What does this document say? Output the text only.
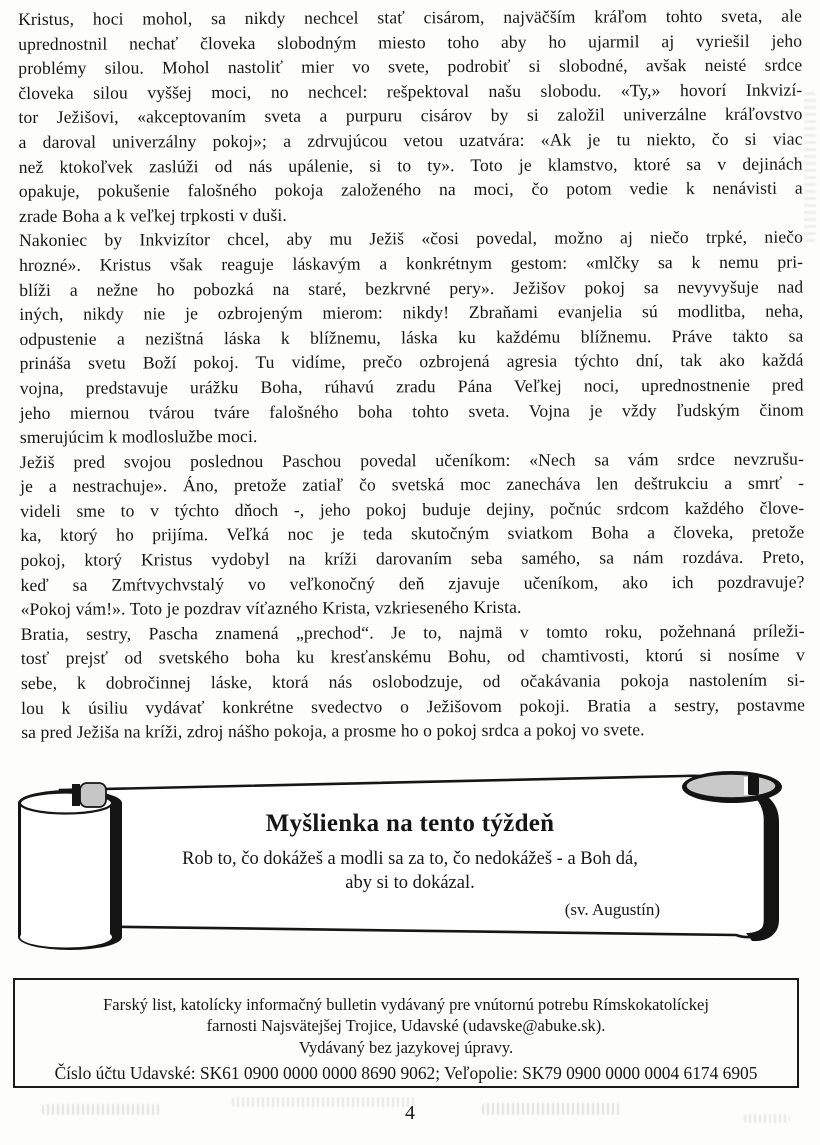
Kristus, hoci mohol, sa nikdy nechcel stať cisárom, najväčším kráľom tohto sveta, ale
uprednostnil nechať človeka slobodným miesto toho aby ho ujarmil aj vyriešil jeho
problémy silou. Mohol nastoliť mier vo svete, podrobiť si slobodné, avšak neisté srdce
človeka silou vyššej moci, no nechcel: rešpektoval našu slobodu. «Ty,» hovorí Inkvizí-
tor Ježišovi, «akceptovaním sveta a purpuru cisárov by si založil univerzálne kráľovstvo
a daroval univerzálny pokoj»; a zdrvujúcou vetou uzatvára: «Ak je tu niekto, čo si viac
než ktokoľvek zaslúži od nás upálenie, si to ty». Toto je klamstvo, ktoré sa v dejinách
opakuje, pokušenie falošného pokoja založeného na moci, čo potom vedie k nenávisti a
zrade Boha a k veľkej trpkosti v duši.
Nakoniec by Inkvizítor chcel, aby mu Ježiš «čosi povedal, možno aj niečo trpké, niečo
hrozné». Kristus však reaguje láskavým a konkrétnym gestom: «mlčky sa k nemu pri-
blíži a nežne ho pobozká na staré, bezkrvné pery». Ježišov pokoj sa nevyvyšuje nad
iných, nikdy nie je ozbrojeným mierom: nikdy! Zbraňami evanjelia sú modlitba, neha,
odpustenie a nezištná láska k blížnemu, láska ku každému blížnemu. Práve takto sa
prináša svetu Boží pokoj. Tu vidíme, prečo ozbrojená agresia týchto dní, tak ako každá
vojna, predstavuje urážku Boha, rúhavú zradu Pána Veľkej noci, uprednostnenie pred
jeho miernou tvárou tváre falošného boha tohto sveta. Vojna je vždy ľudským činom
smerujúcim k modloslužbe moci.
Ježiš pred svojou poslednou Paschou povedal učeníkom: «Nech sa vám srdce nevzrušu-
je a nestrachuje». Áno, pretože zatiaľ čo svetská moc zanecháva len deštrukciu a smrť -
videli sme to v týchto dňoch -, jeho pokoj buduje dejiny, počnúc srdcom každého člove-
ka, ktorý ho prijíma. Veľká noc je teda skutočným sviatkom Boha a človeka, pretože
pokoj, ktorý Kristus vydobyl na kríži darovaním seba samého, sa nám rozdáva. Preto,
keď sa Zmŕtvychvstalý vo veľkonočný deň zjavuje učeníkom, ako ich pozdravuje?
«Pokoj vám!». Toto je pozdrav víťazného Krista, vzkrieseného Krista.
Bratia, sestry, Pascha znamená „prechod“. Je to, najmä v tomto roku, požehnaná príleži-
tosť prejsť od svetského boha ku kresťanskému Bohu, od chamtivosti, ktorú si nosíme v
sebe, k dobročinnej láske, ktorá nás oslobodzuje, od očakávania pokoja nastolením si-
lou k úsiliu vydávať konkrétne svedectvo o Ježišovom pokoji. Bratia a sestry, postavme
sa pred Ježiša na kríži, zdroj nášho pokoja, a prosme ho o pokoj srdca a pokoj vo svete.
Myšlienka na tento týždeň
Rob to, čo dokážeš a modli sa za to, čo nedokážeš - a Boh dá,
aby si to dokázal.
(sv. Augustín)
Farský list, katolícky informačný bulletin vydávaný pre vnútornú potrebu Rímskokatolíckej
farnosti Najsvätejšej Trojice, Udavské (udavske@abuke.sk).
Vydávaný bez jazykovej úpravy.
Číslo účtu Udavské: SK61 0900 0000 0000 8690 9062; Veľopolie: SK79 0900 0000 0004 6174 6905
4
